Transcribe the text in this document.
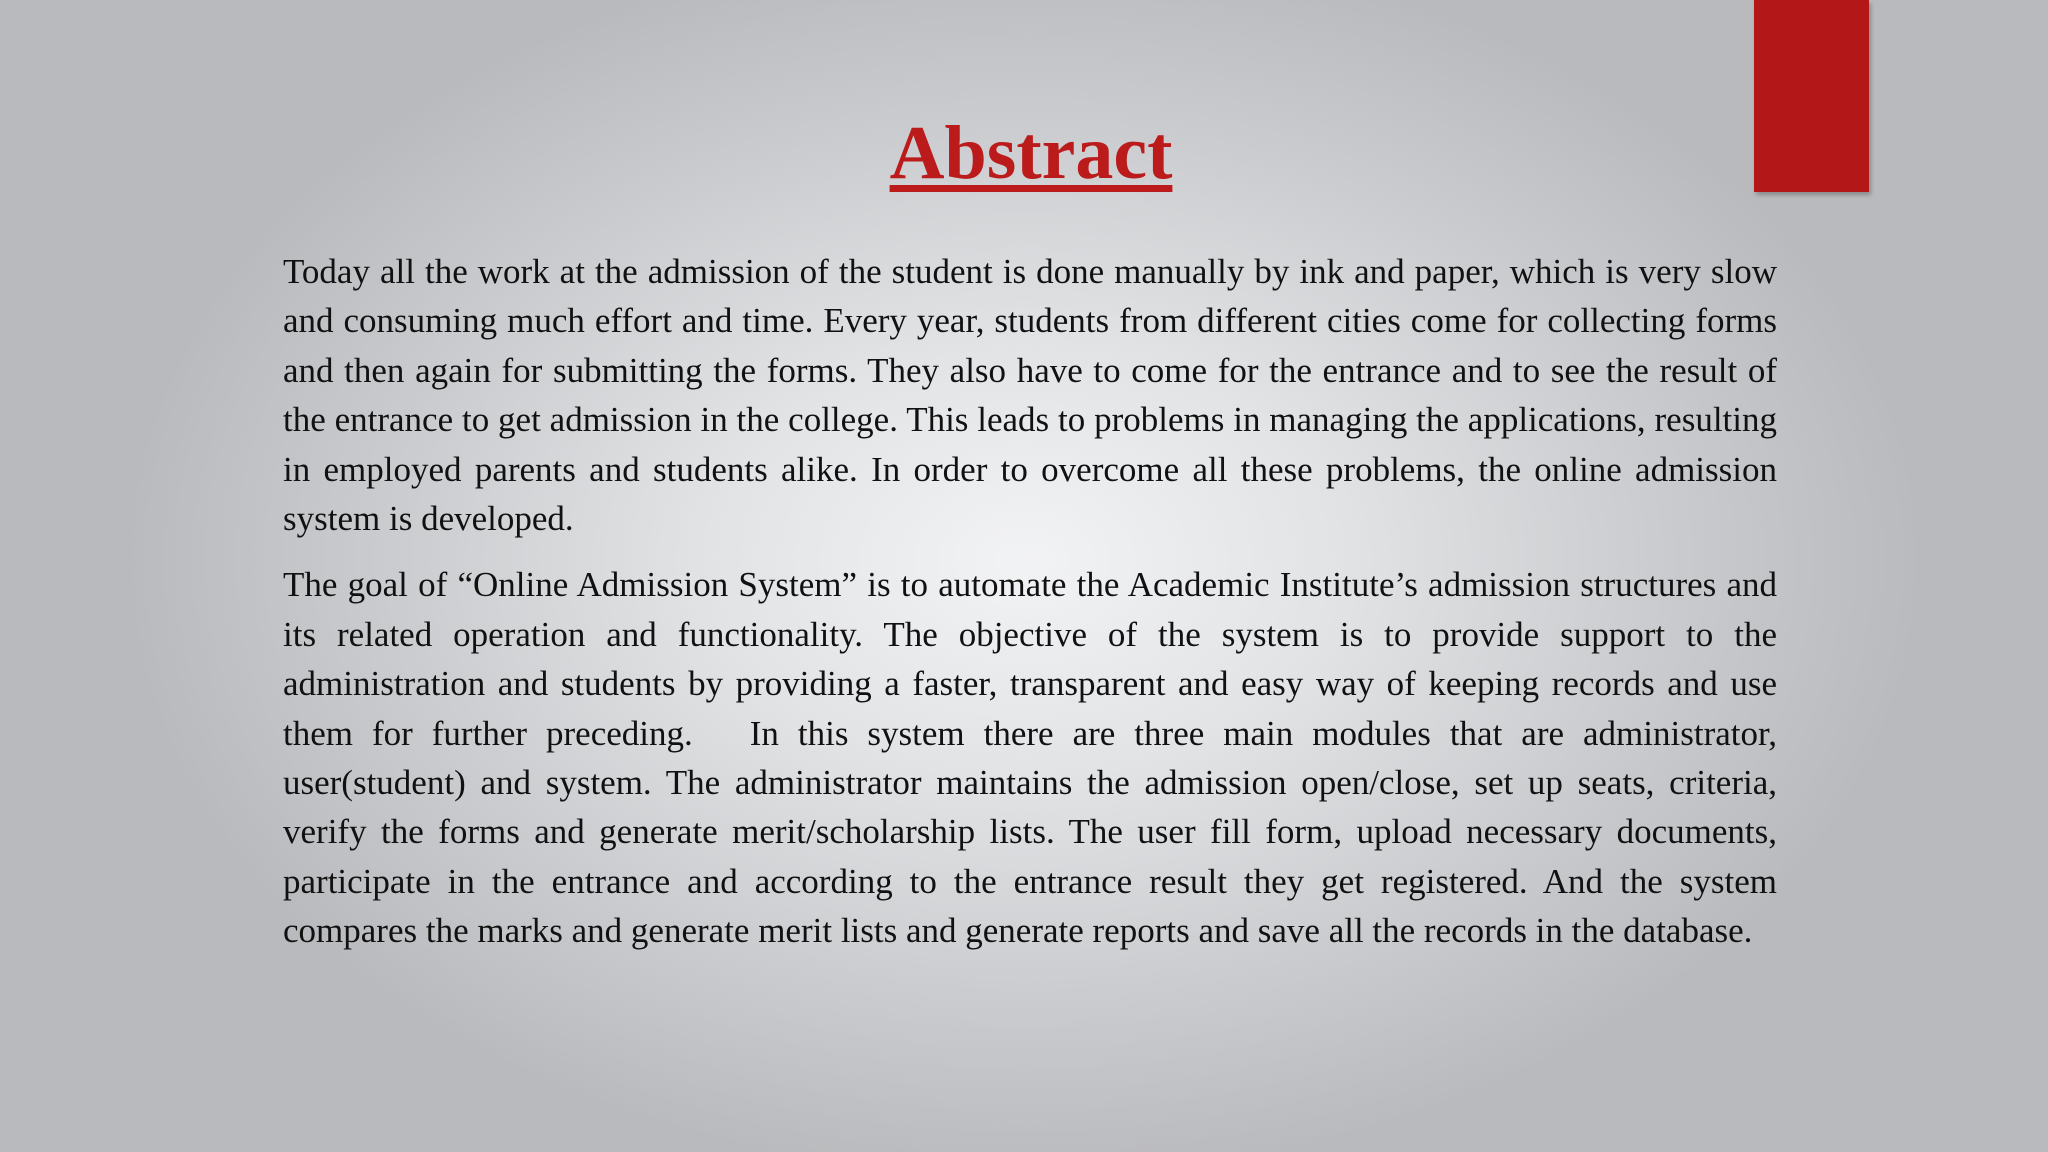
Abstract

Today all the work at the admission of the student is done manually by ink and paper, which is very slow and consuming much effort and time. Every year, students from different cities come for collecting forms and then again for submitting the forms. They also have to come for the entrance and to see the result of the entrance to get admission in the college. This leads to problems in managing the applications, resulting in employed parents and students alike. In order to overcome all these problems, the online admission system is developed.

The goal of “Online Admission System” is to automate the Academic Institute’s admission structures and its related operation and functionality. The objective of the system is to provide support to the administration and students by providing a faster, transparent and easy way of keeping records and use them for further preceding.   In this system there are three main modules that are administrator, user(student) and system. The administrator maintains the admission open/close, set up seats, criteria, verify the forms and generate merit/scholarship lists. The user fill form, upload necessary documents, participate in the entrance and according to the entrance result they get registered. And the system compares the marks and generate merit lists and generate reports and save all the records in the database.
